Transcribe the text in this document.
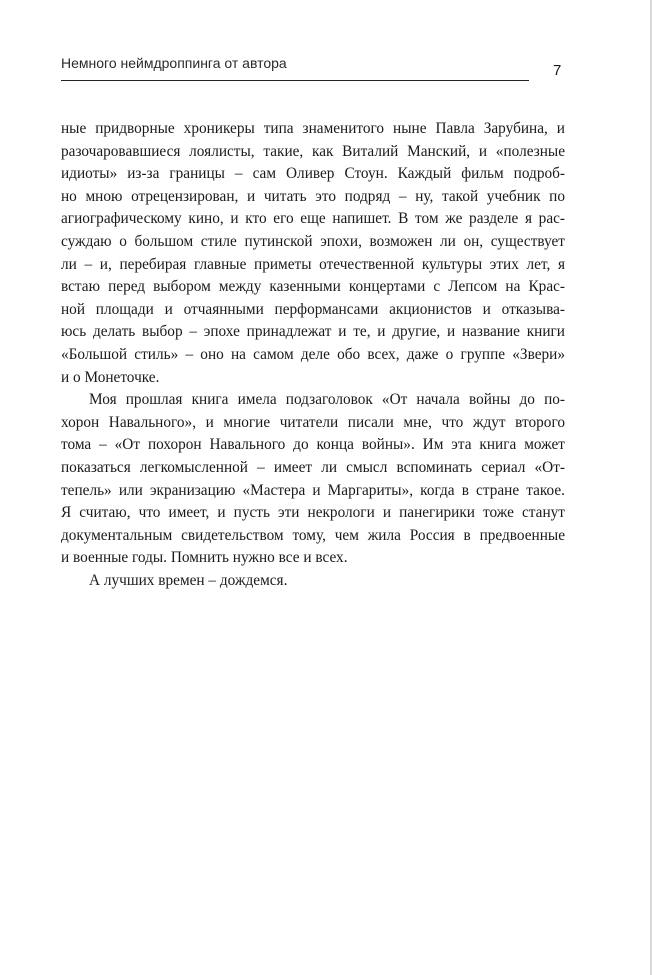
Немного неймдроппинга от автора	7
ные придворные хроникеры типа знаменитого ныне Павла Зарубина, и
разочаровавшиеся лоялисты, такие, как Виталий Манский, и «полезные
идиоты» из-за границы – сам Оливер Стоун. Каждый фильм подроб-
но мною отрецензирован, и читать это подряд – ну, такой учебник по
агиографическому кино, и кто его еще напишет. В том же разделе я рас-
суждаю о большом стиле путинской эпохи, возможен ли он, существует
ли – и, перебирая главные приметы отечественной культуры этих лет, я
встаю перед выбором между казенными концертами с Лепсом на Крас-
ной площади и отчаянными перформансами акционистов и отказыва-
юсь делать выбор – эпохе принадлежат и те, и другие, и название книги
«Большой стиль» – оно на самом деле обо всех, даже о группе «Звери»
и о Монеточке.
Моя прошлая книга имела подзаголовок «От начала войны до по-
хорон Навального», и многие читатели писали мне, что ждут второго
тома – «От похорон Навального до конца войны». Им эта книга может
показаться легкомысленной – имеет ли смысл вспоминать сериал «От-
тепель» или экранизацию «Мастера и Маргариты», когда в стране такое.
Я считаю, что имеет, и пусть эти некрологи и панегирики тоже станут
документальным свидетельством тому, чем жила Россия в предвоенные
и военные годы. Помнить нужно все и всех.
А лучших времен – дождемся.
